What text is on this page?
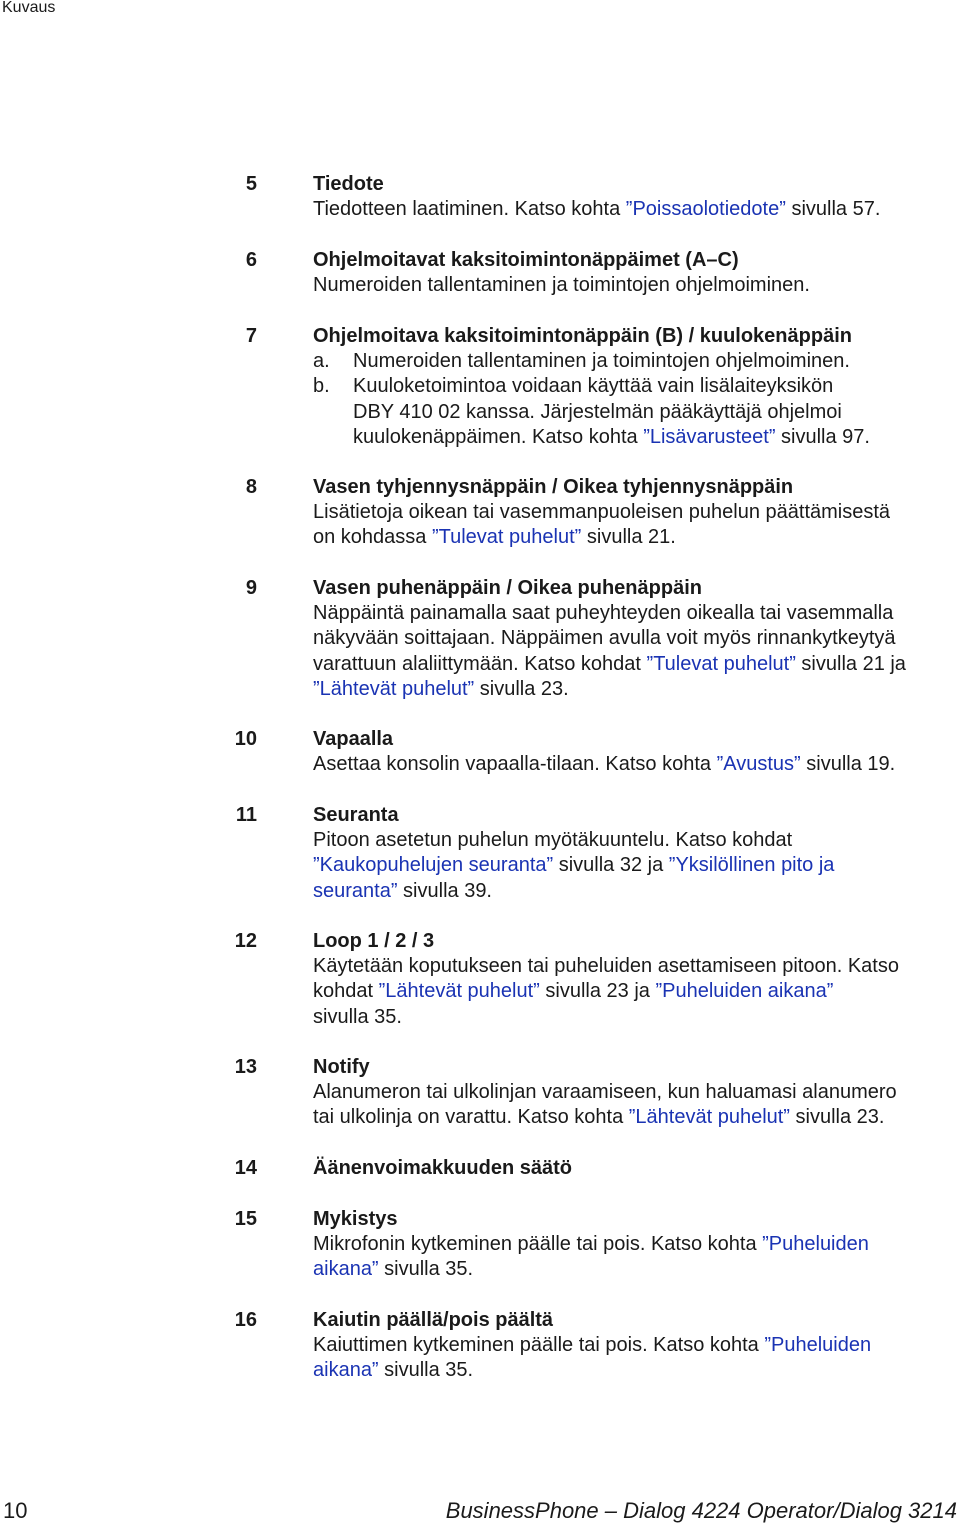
Kuvaus
5	Tiedote
Tiedotteen laatiminen. Katso kohta ”Poissaolotiedote” sivulla 57.
6	Ohjelmoitavat kaksitoimintonäppäimet (A–C)
Numeroiden tallentaminen ja toimintojen ohjelmoiminen.
7	Ohjelmoitava kaksitoimintonäppäin (B) / kuulokenäppäin
a. Numeroiden tallentaminen ja toimintojen ohjelmoiminen.
b. Kuuloketoimintoa voidaan käyttää vain lisälaiteyksikön
DBY 410 02 kanssa. Järjestelmän pääkäyttäjä ohjelmoi
kuulokenäppäimen. Katso kohta ”Lisävarusteet” sivulla 97.
8	Vasen tyhjennysnäppäin / Oikea tyhjennysnäppäin
Lisätietoja oikean tai vasemmanpuoleisen puhelun päättämisestä
on kohdassa ”Tulevat puhelut” sivulla 21.
9	Vasen puhenäppäin / Oikea puhenäppäin
Näppäintä painamalla saat puheyhteyden oikealla tai vasemmalla
näkyvään soittajaan. Näppäimen avulla voit myös rinnankytkeytyä
varattuun alaliittymään. Katso kohdat ”Tulevat puhelut” sivulla 21 ja
”Lähtevät puhelut” sivulla 23.
10	Vapaalla
Asettaa konsolin vapaalla-tilaan. Katso kohta ”Avustus” sivulla 19.
11	Seuranta
Pitoon asetetun puhelun myötäkuuntelu. Katso kohdat
”Kaukopuhelujen seuranta” sivulla 32 ja ”Yksilöllinen pito ja
seuranta” sivulla 39.
12	Loop 1 / 2 / 3
Käytetään koputukseen tai puheluiden asettamiseen pitoon. Katso
kohdat ”Lähtevät puhelut” sivulla 23 ja ”Puheluiden aikana”
sivulla 35.
13	Notify
Alanumeron tai ulkolinjan varaamiseen, kun haluamasi alanumero
tai ulkolinja on varattu. Katso kohta ”Lähtevät puhelut” sivulla 23.
14	Äänenvoimakkuuden säätö
15	Mykistys
Mikrofonin kytkeminen päälle tai pois. Katso kohta ”Puheluiden
aikana” sivulla 35.
16	Kaiutin päällä/pois päältä
Kaiuttimen kytkeminen päälle tai pois. Katso kohta ”Puheluiden
aikana” sivulla 35.
10	BusinessPhone – Dialog 4224 Operator/Dialog 3214
